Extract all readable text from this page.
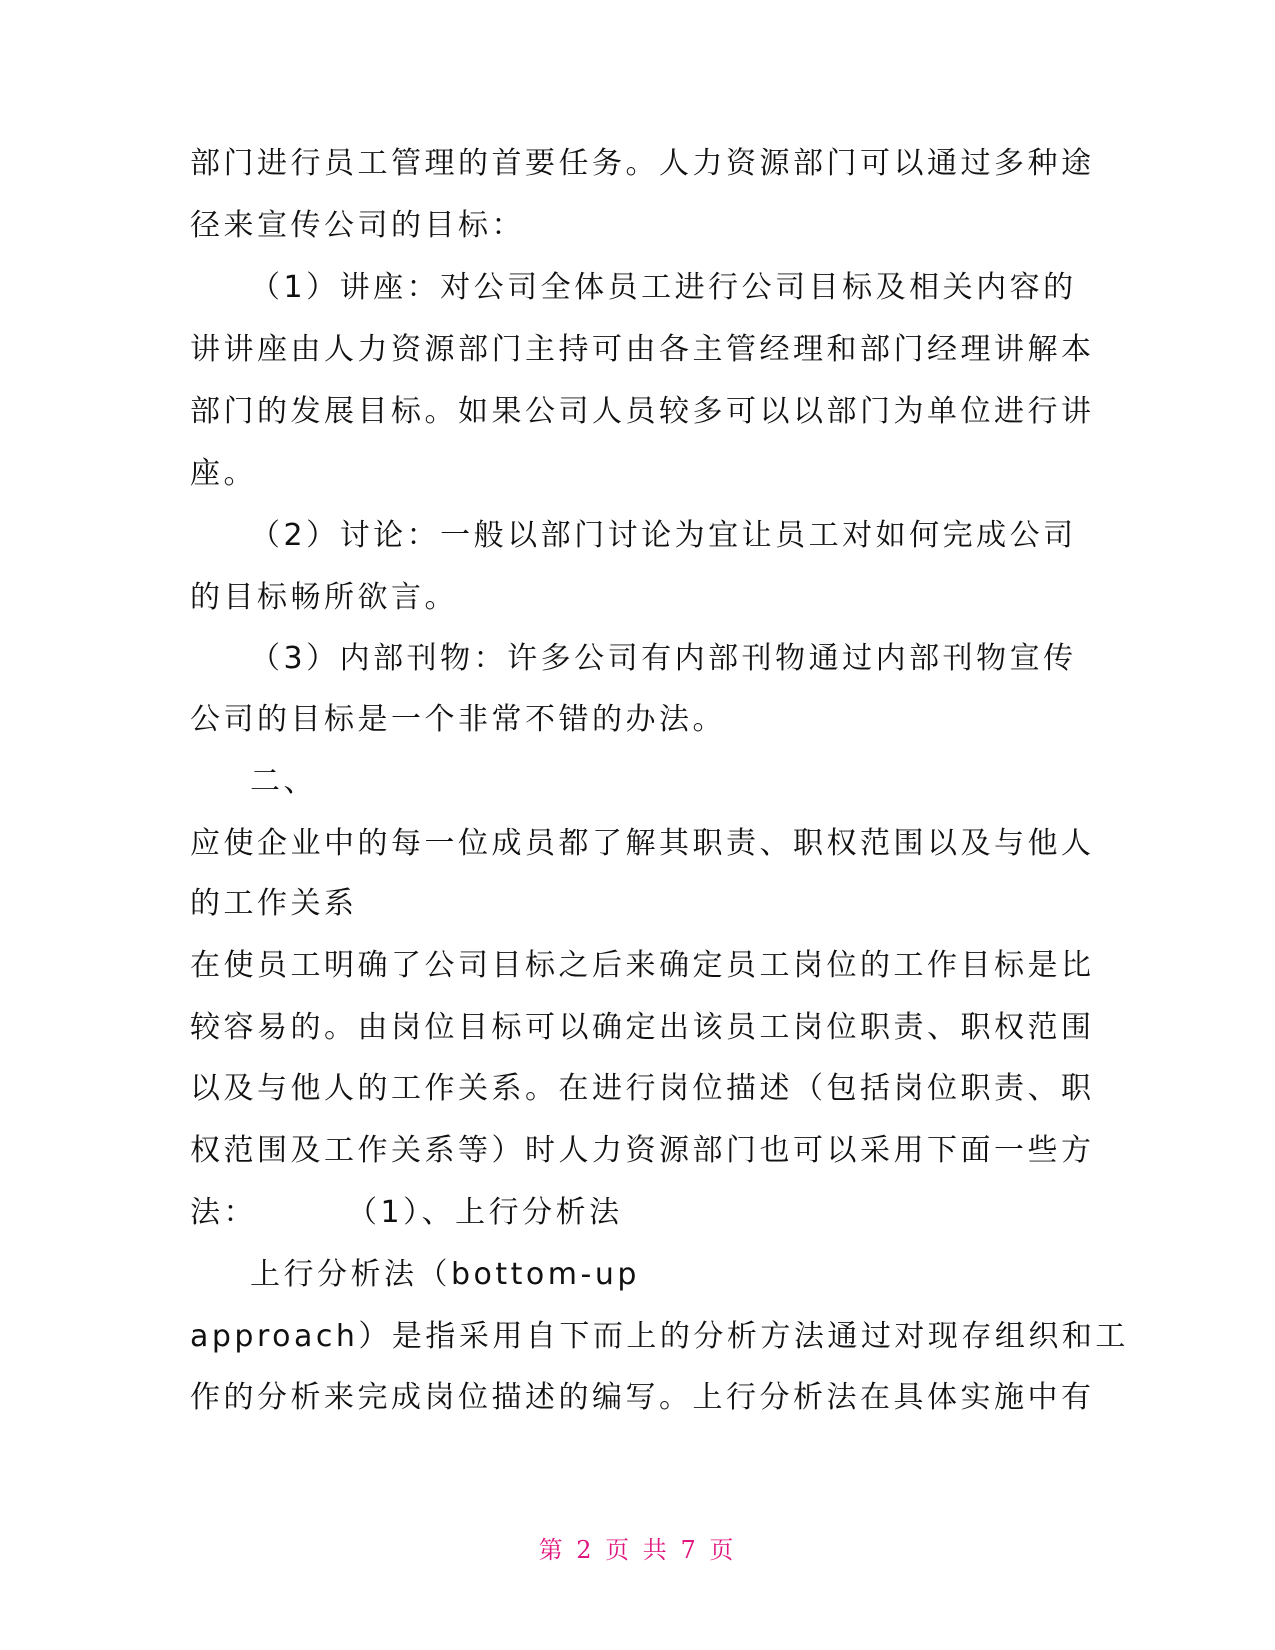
部门进行员工管理的首要任务。人力资源部门可以通过多种途
径来宣传公司的目标：
（1）讲座：对公司全体员工进行公司目标及相关内容的
讲讲座由人力资源部门主持可由各主管经理和部门经理讲解本
部门的发展目标。如果公司人员较多可以以部门为单位进行讲
座。
（2）讨论：一般以部门讨论为宜让员工对如何完成公司
的目标畅所欲言。
（3）内部刊物：许多公司有内部刊物通过内部刊物宣传
公司的目标是一个非常不错的办法。
二、
应使企业中的每一位成员都了解其职责、职权范围以及与他人
的工作关系
在使员工明确了公司目标之后来确定员工岗位的工作目标是比
较容易的。由岗位目标可以确定出该员工岗位职责、职权范围
以及与他人的工作关系。在进行岗位描述（包括岗位职责、职
权范围及工作关系等）时人力资源部门也可以采用下面一些方
法：	（1）、上行分析法
上行分析法（bottom-up
approach）是指采用自下而上的分析方法通过对现存组织和工
作的分析来完成岗位描述的编写。上行分析法在具体实施中有
第 2 页 共 7 页
